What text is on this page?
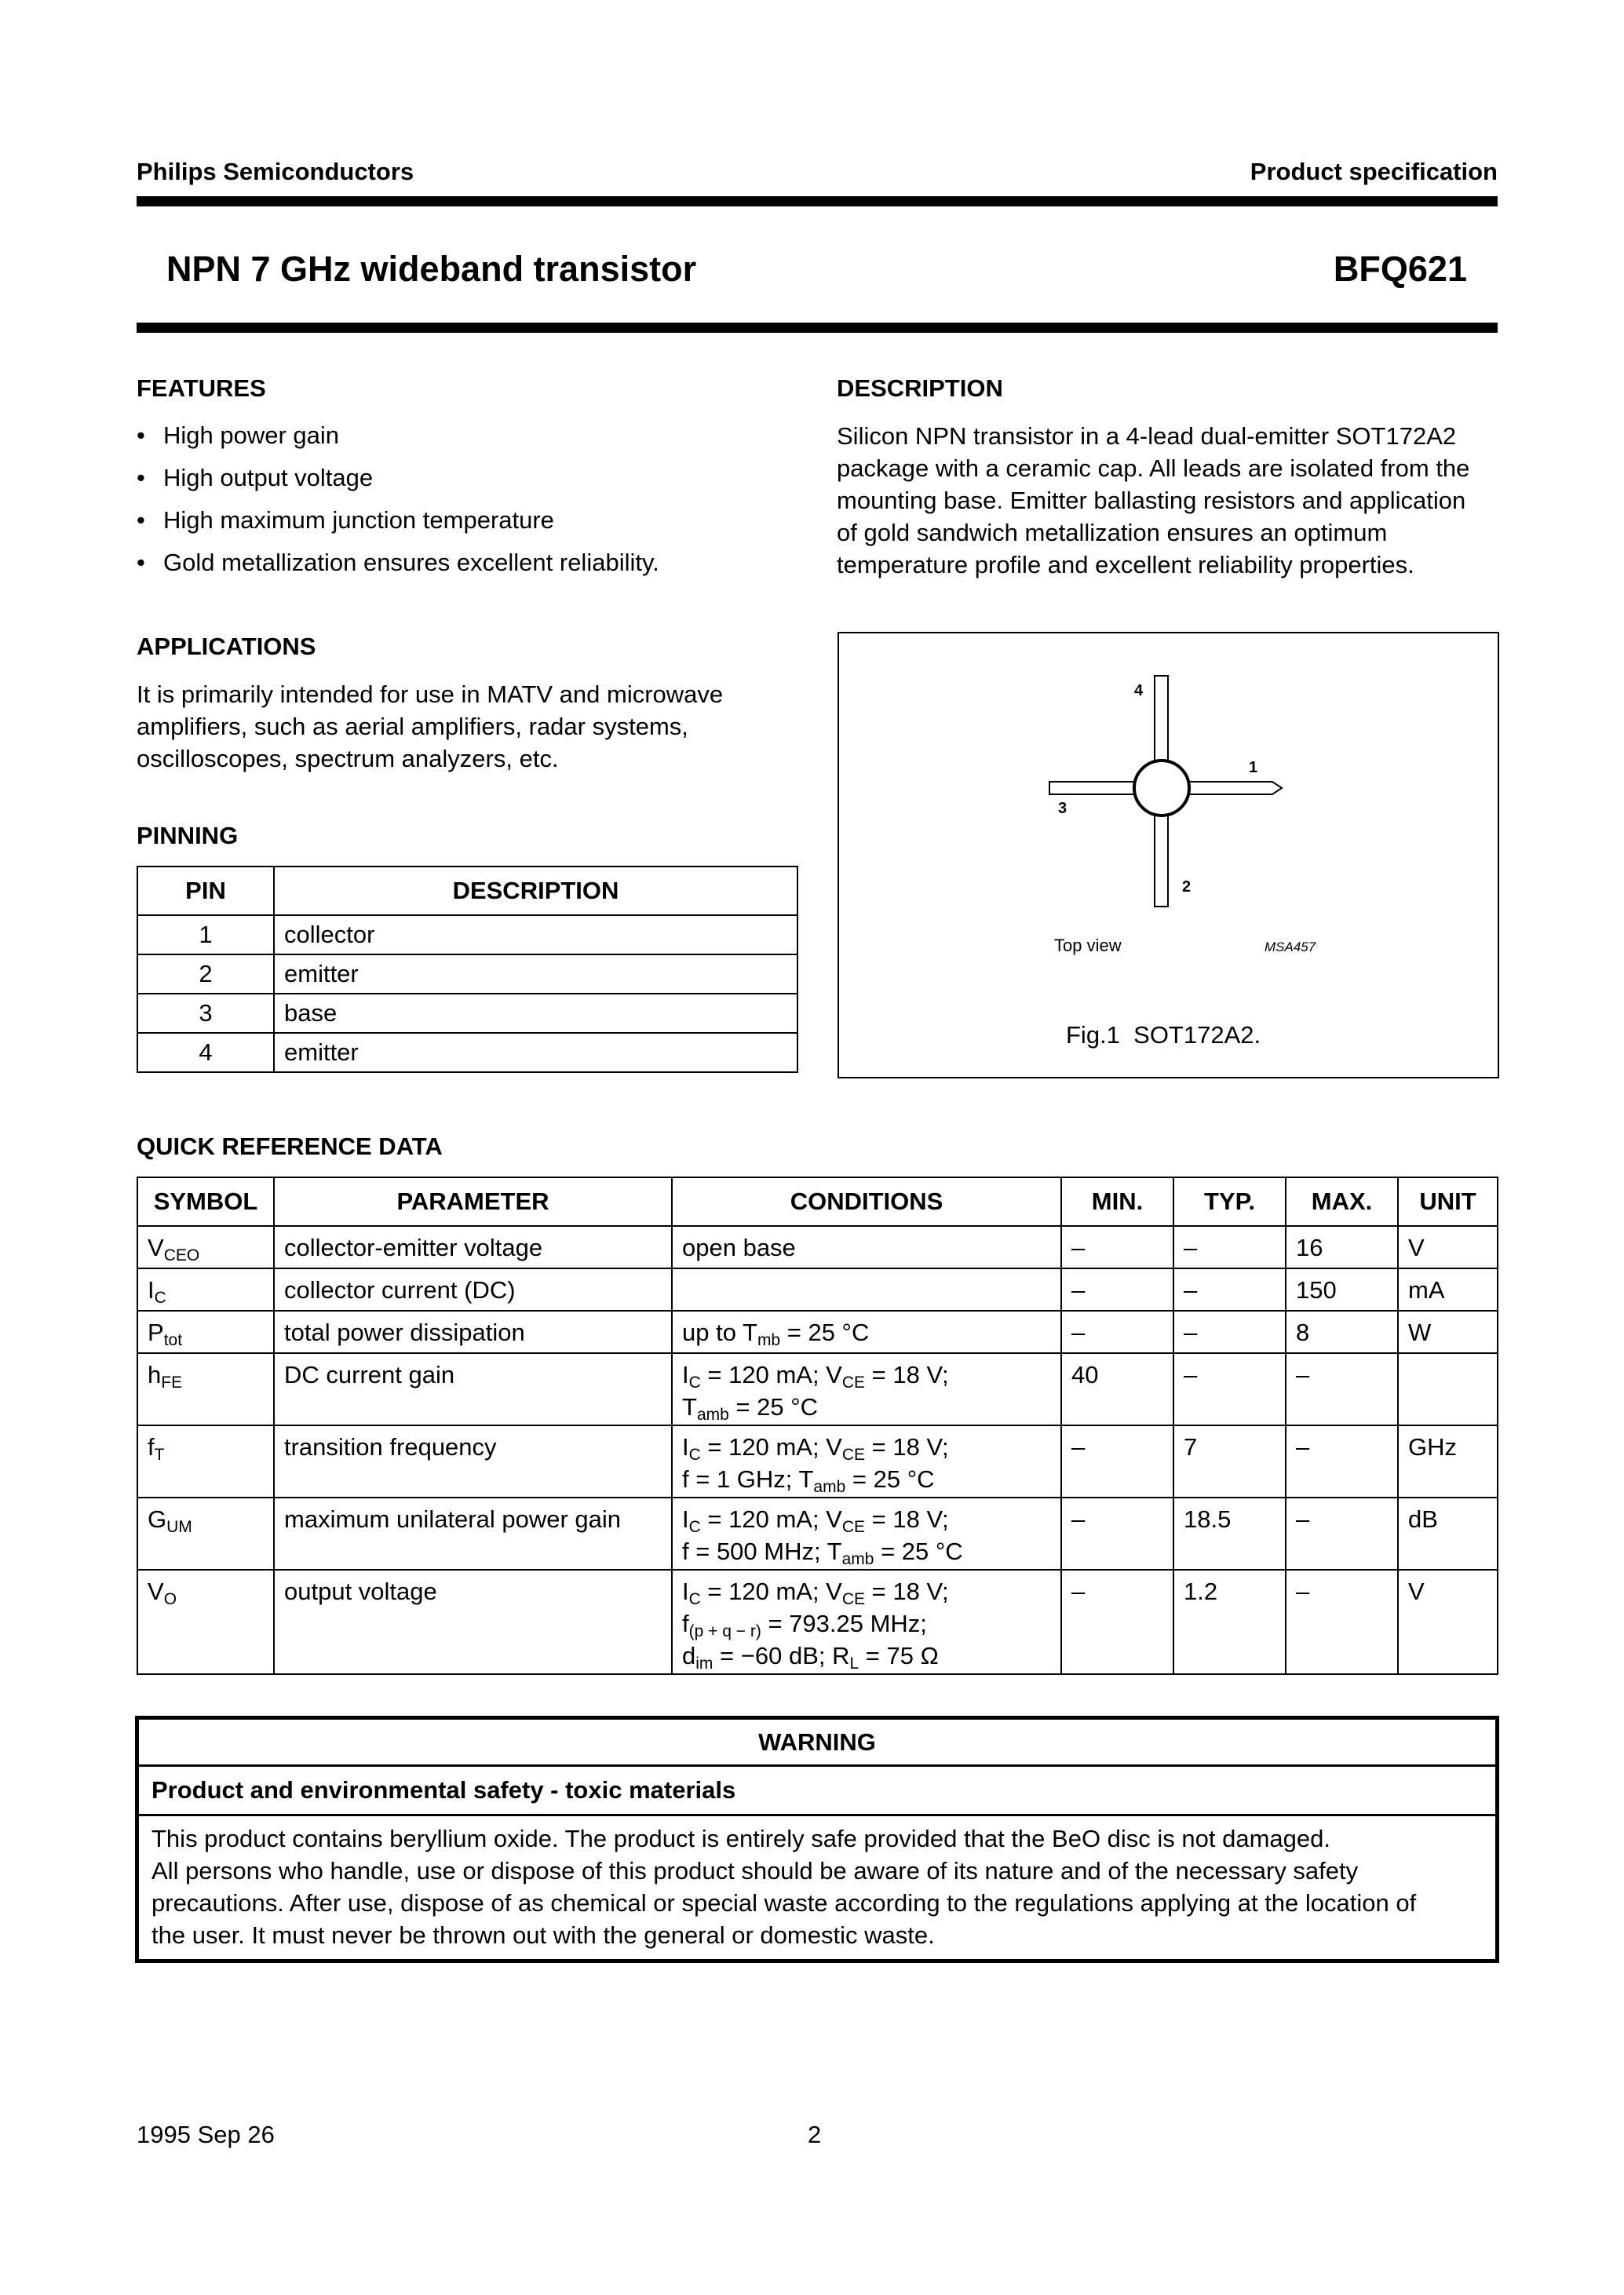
Philips Semiconductors	Product specification
NPN 7 GHz wideband transistor	BFQ621
FEATURES
• High power gain
• High output voltage
• High maximum junction temperature
• Gold metallization ensures excellent reliability.
DESCRIPTION
Silicon NPN transistor in a 4-lead dual-emitter SOT172A2
package with a ceramic cap. All leads are isolated from the
mounting base. Emitter ballasting resistors and application
of gold sandwich metallization ensures an optimum
temperature profile and excellent reliability properties.
APPLICATIONS
It is primarily intended for use in MATV and microwave
amplifiers, such as aerial amplifiers, radar systems,
oscilloscopes, spectrum analyzers, etc.
PINNING
PIN	DESCRIPTION
1	collector
2	emitter
3	base
4	emitter
4
1
3
2
Top view	MSA457
Fig.1  SOT172A2.
QUICK REFERENCE DATA
SYMBOL	PARAMETER	CONDITIONS	MIN.	TYP.	MAX.	UNIT
$V_{CEO}$	collector-emitter voltage	open base	–	–	16	V
$I_C$	collector current (DC)		–	–	150	mA
$P_{tot}$	total power dissipation	up to $T_{mb} = 25$ °C	–	–	8	W
$h_{FE}$	DC current gain	$I_C = 120$ mA; $V_{CE} = 18$ V;
$T_{amb} = 25$ °C	40	–	–	
$f_T$	transition frequency	$I_C = 120$ mA; $V_{CE} = 18$ V;
f = 1 GHz; $T_{amb} = 25$ °C	–	7	–	GHz
$G_{UM}$	maximum unilateral power gain	$I_C = 120$ mA; $V_{CE} = 18$ V;
f = 500 MHz; $T_{amb} = 25$ °C	–	18.5	–	dB
$V_O$	output voltage	$I_C = 120$ mA; $V_{CE} = 18$ V;
$f_{(p + q - r)} = 793.25$ MHz;
$d_{im} = -60$ dB; $R_L = 75$ Ω	–	1.2	–	V
WARNING
Product and environmental safety - toxic materials
This product contains beryllium oxide. The product is entirely safe provided that the BeO disc is not damaged.
All persons who handle, use or dispose of this product should be aware of its nature and of the necessary safety
precautions. After use, dispose of as chemical or special waste according to the regulations applying at the location of
the user. It must never be thrown out with the general or domestic waste.
1995 Sep 26	2
